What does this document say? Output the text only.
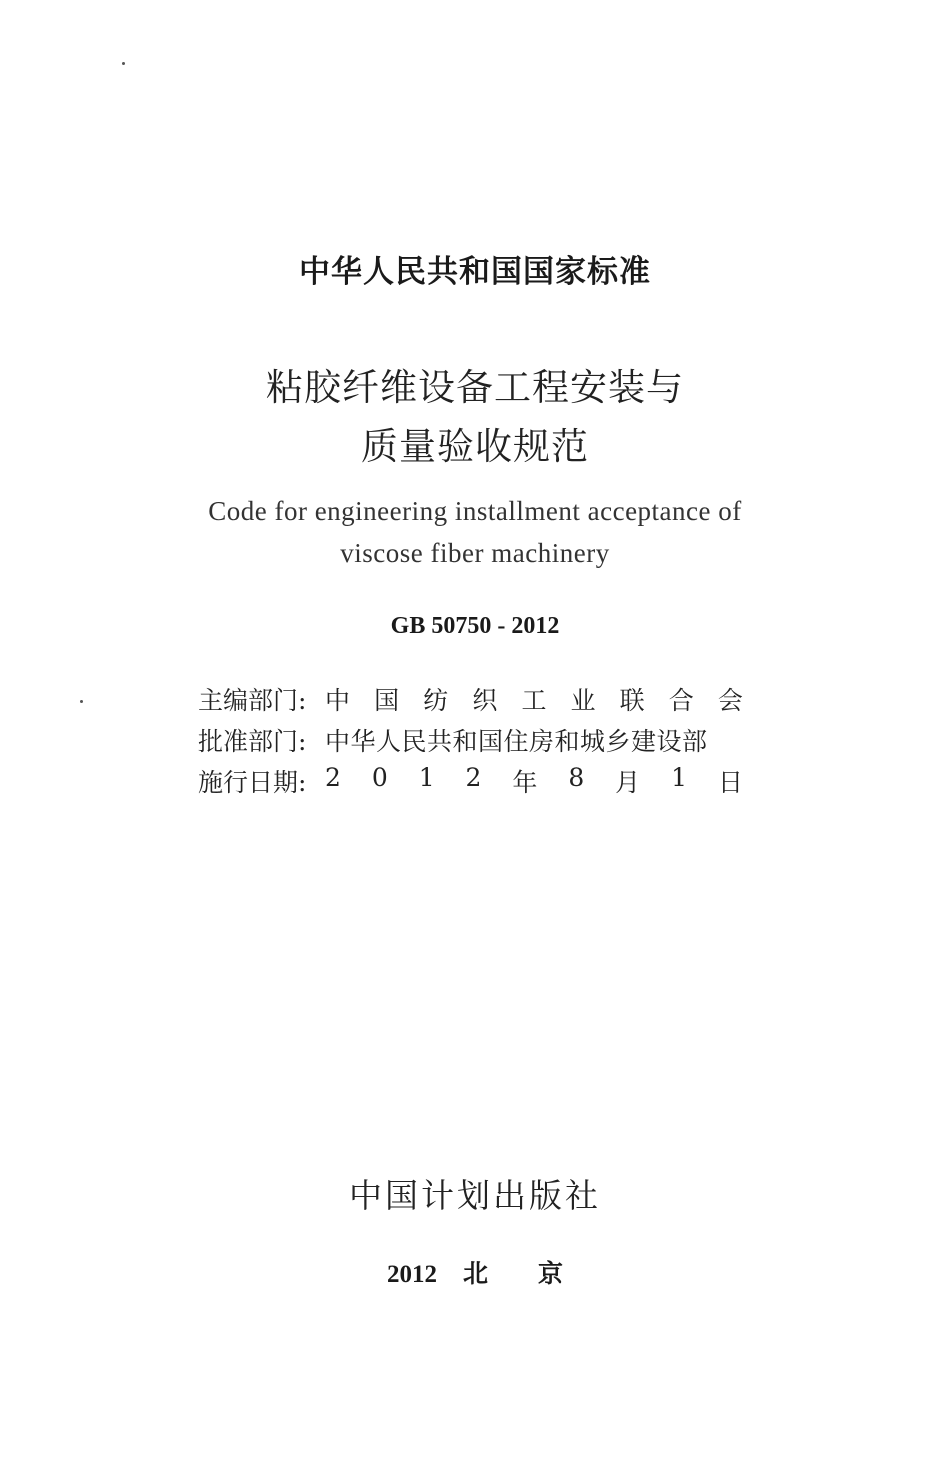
中华人民共和国国家标准
粘胶纤维设备工程安装与
质量验收规范
Code for engineering installment acceptance of
viscose fiber machinery
GB 50750 - 2012
主编部门: 中 国 纺 织 工 业 联 合 会
批准部门: 中华人民共和国住房和城乡建设部
施行日期: 2 0 1 2 年 8 月 1 日
中国计划出版社
2012 北 京
